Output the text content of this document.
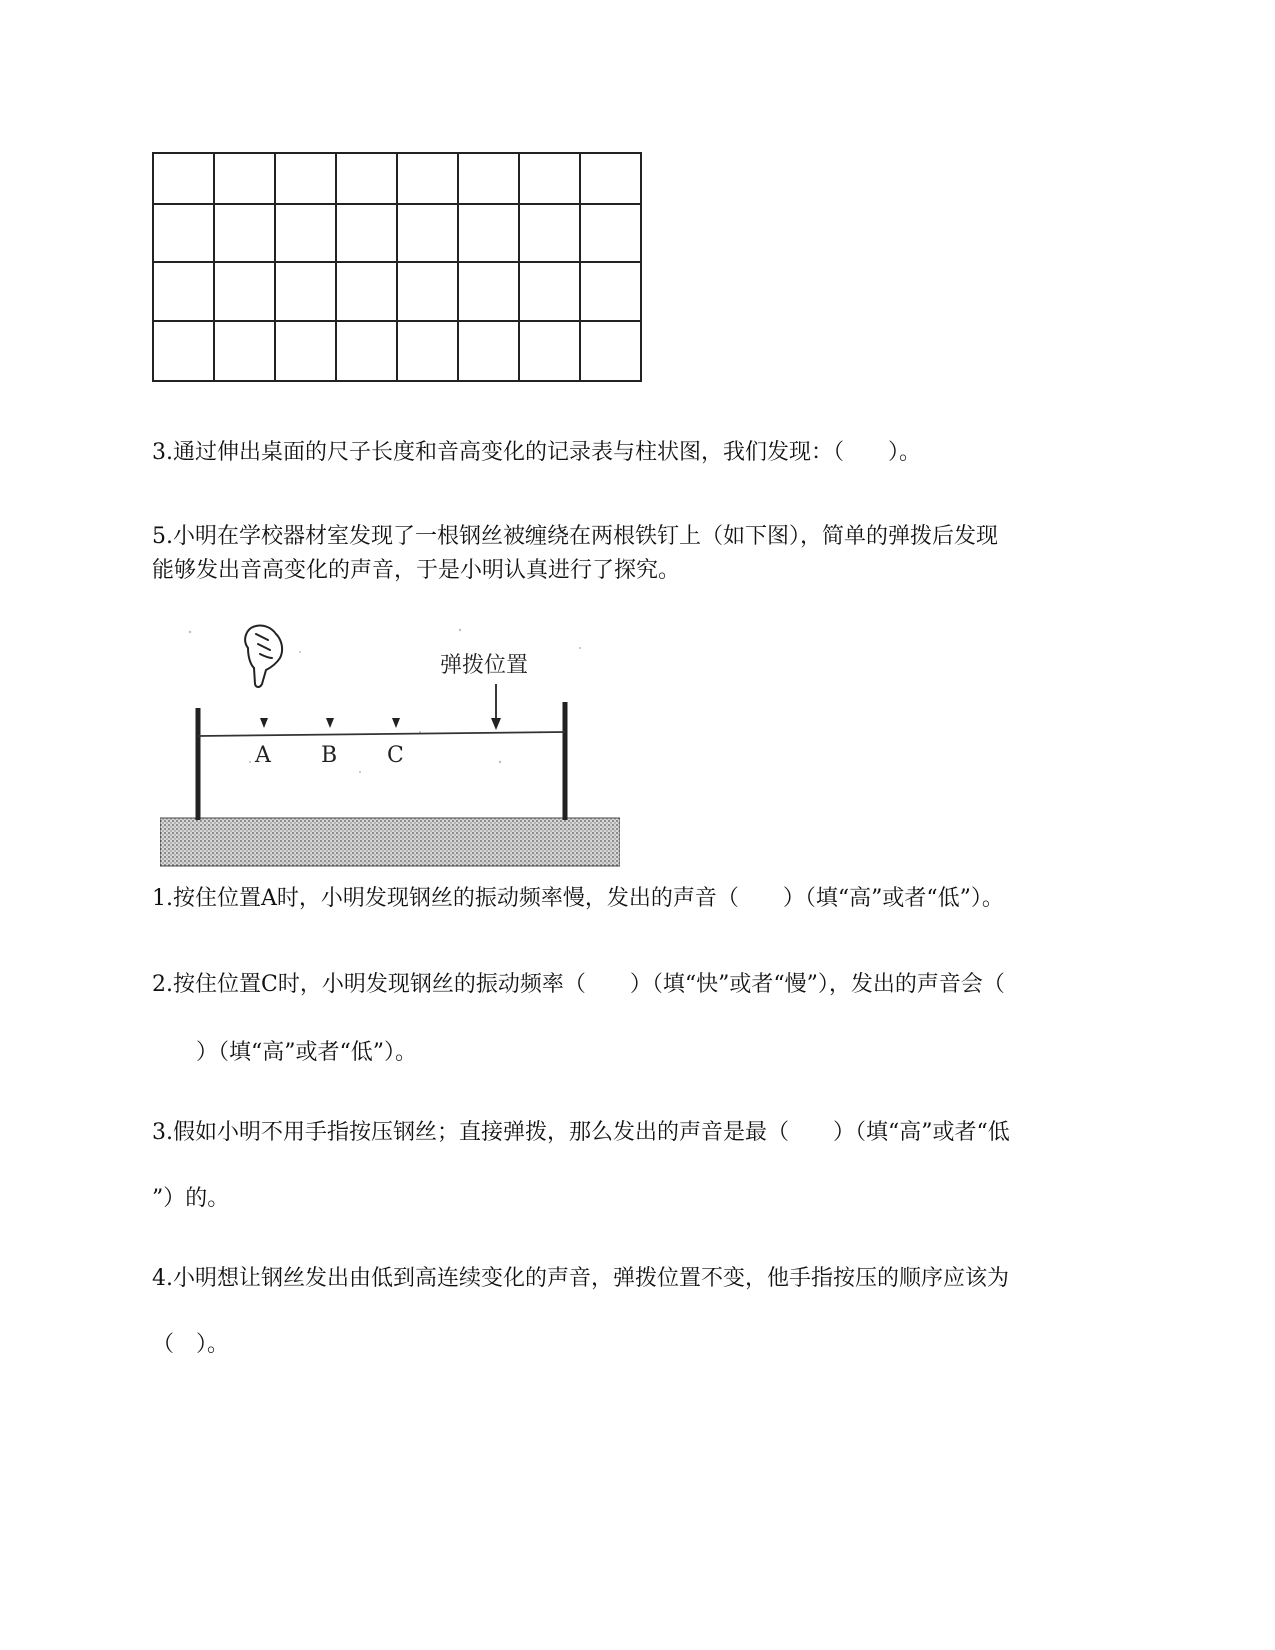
3.通过伸出桌面的尺子长度和音高变化的记录表与柱状图，我们发现：（　　）。
5.小明在学校器材室发现了一根钢丝被缠绕在两根铁钉上（如下图），简单的弹拨后发现
能够发出音高变化的声音，于是小明认真进行了探究。
A B C
弹拨位置
1.按住位置A时，小明发现钢丝的振动频率慢，发出的声音（　　）（填“高”或者“低”）。
2.按住位置C时，小明发现钢丝的振动频率（　　）（填“快”或者“慢”），发出的声音会（
　　）（填“高”或者“低”）。
3.假如小明不用手指按压钢丝；直接弹拨，那么发出的声音是最（　　）（填“高”或者“低
”）的。
4.小明想让钢丝发出由低到高连续变化的声音，弹拨位置不变，他手指按压的顺序应该为
（　）。
